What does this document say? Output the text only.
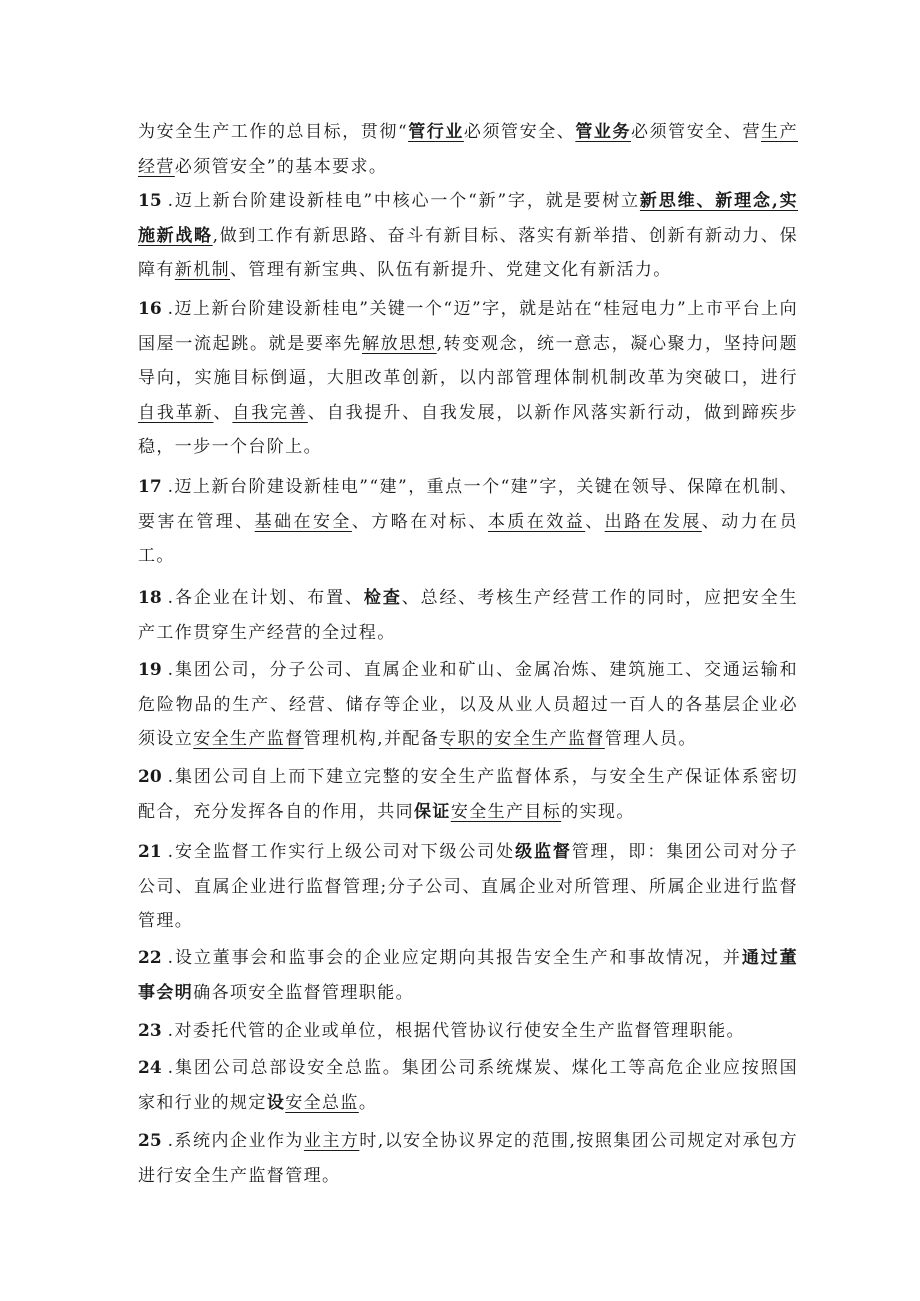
为安全生产工作的总目标，贯彻“管行业必须管安全、管业务必须管安全、营生产经营必须管安全”的基本要求。

15 .迈上新台阶建设新桂电”中核心一个“新”字，就是要树立新思维、新理念,实施新战略,做到工作有新思路、奋斗有新目标、落实有新举措、创新有新动力、保障有新机制、管理有新宝典、队伍有新提升、党建文化有新活力。

16 .迈上新台阶建设新桂电”关键一个“迈”字，就是站在“桂冠电力”上市平台上向国屋一流起跳。就是要率先解放思想,转变观念，统一意志，凝心聚力，坚持问题导向，实施目标倒逼，大胆改革创新，以内部管理体制机制改革为突破口，进行自我革新、自我完善、自我提升、自我发展，以新作风落实新行动，做到蹄疾步稳，一步一个台阶上。

17 .迈上新台阶建设新桂电”“建”，重点一个“建”字，关键在领导、保障在机制、要害在管理、基础在安全、方略在对标、本质在效益、出路在发展、动力在员工。

18 .各企业在计划、布置、检查、总经、考核生产经营工作的同时，应把安全生产工作贯穿生产经营的全过程。

19 .集团公司，分子公司、直属企业和矿山、金属冶炼、建筑施工、交通运输和危险物品的生产、经营、储存等企业，以及从业人员超过一百人的各基层企业必须设立安全生产监督管理机构,并配备专职的安全生产监督管理人员。

20 .集团公司自上而下建立完整的安全生产监督体系，与安全生产保证体系密切配合，充分发挥各自的作用，共同保证安全生产目标的实现。

21 .安全监督工作实行上级公司对下级公司处级监督管理，即：集团公司对分子公司、直属企业进行监督管理;分子公司、直属企业对所管理、所属企业进行监督管理。

22 .设立董事会和监事会的企业应定期向其报告安全生产和事故情况，并通过董事会明确各项安全监督管理职能。

23 .对委托代管的企业或单位，根据代管协议行使安全生产监督管理职能。

24 .集团公司总部设安全总监。集团公司系统煤炭、煤化工等高危企业应按照国家和行业的规定设安全总监。

25 .系统内企业作为业主方时,以安全协议界定的范围,按照集团公司规定对承包方进行安全生产监督管理。
